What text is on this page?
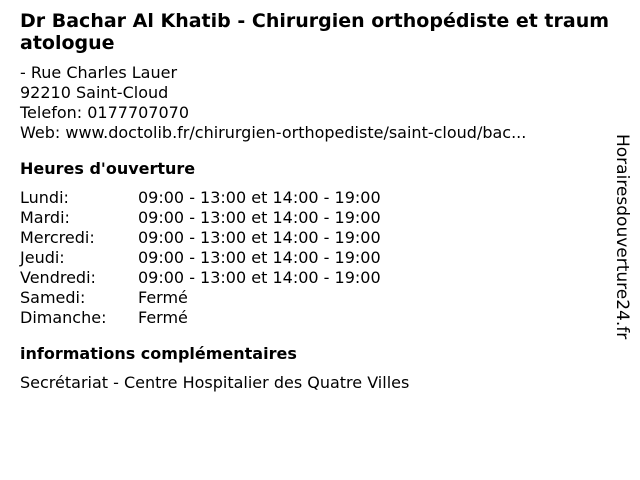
Dr Bachar Al Khatib - Chirurgien orthopédiste et traumatologue
- Rue Charles Lauer
92210 Saint-Cloud
Telefon: 0177707070
Web: www.doctolib.fr/chirurgien-orthopediste/saint-cloud/bac...
Heures d'ouverture
Lundi:	09:00 - 13:00 et 14:00 - 19:00
Mardi:	09:00 - 13:00 et 14:00 - 19:00
Mercredi:	09:00 - 13:00 et 14:00 - 19:00
Jeudi:	09:00 - 13:00 et 14:00 - 19:00
Vendredi:	09:00 - 13:00 et 14:00 - 19:00
Samedi:	Fermé
Dimanche:	Fermé
informations complémentaires
Secrétariat - Centre Hospitalier des Quatre Villes
Horairesdouverture24.fr
